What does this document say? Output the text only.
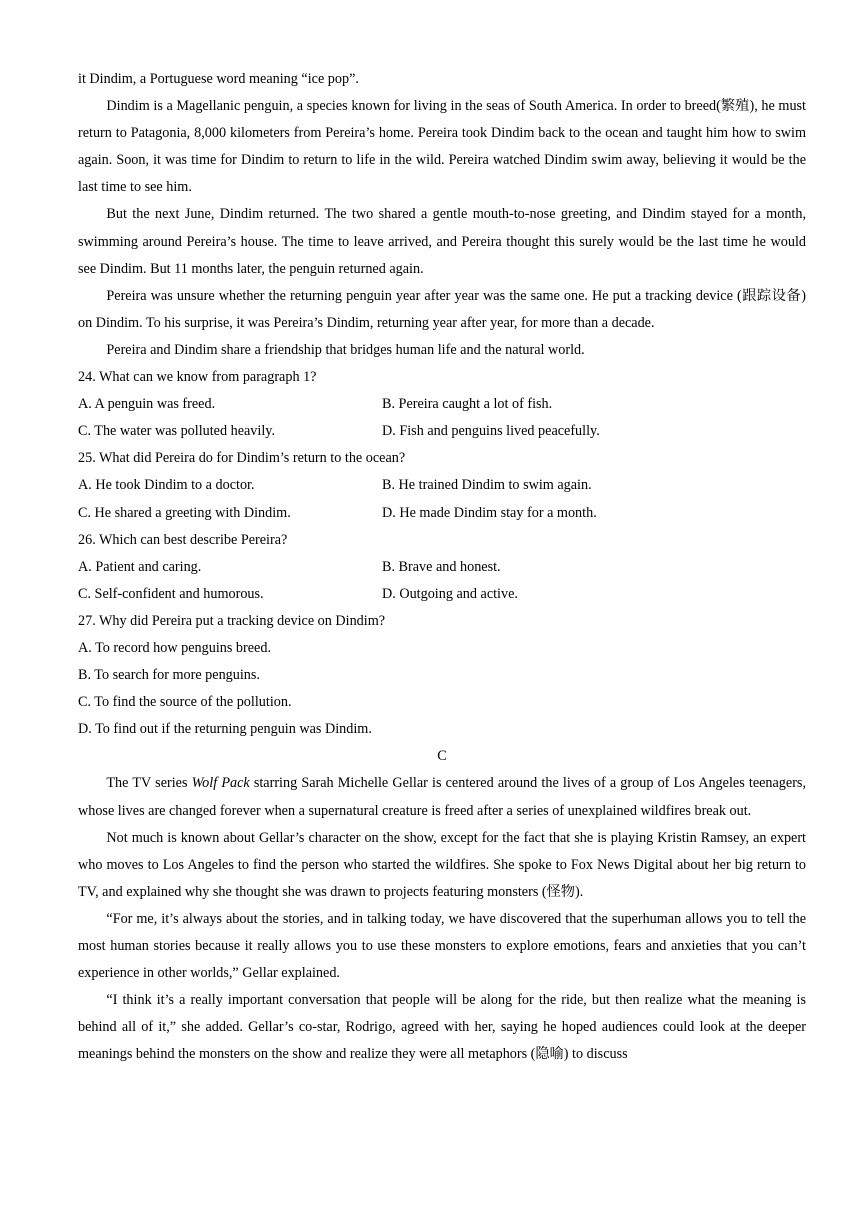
it Dindim, a Portuguese word meaning “ice pop”.

Dindim is a Magellanic penguin, a species known for living in the seas of South America. In order to breed(繁殖), he must return to Patagonia, 8,000 kilometers from Pereira’s home. Pereira took Dindim back to the ocean and taught him how to swim again. Soon, it was time for Dindim to return to life in the wild. Pereira watched Dindim swim away, believing it would be the last time to see him.

But the next June, Dindim returned. The two shared a gentle mouth-to-nose greeting, and Dindim stayed for a month, swimming around Pereira’s house. The time to leave arrived, and Pereira thought this surely would be the last time he would see Dindim. But 11 months later, the penguin returned again.

Pereira was unsure whether the returning penguin year after year was the same one. He put a tracking device (跟踪设备) on Dindim. To his surprise, it was Pereira’s Dindim, returning year after year, for more than a decade.

Pereira and Dindim share a friendship that bridges human life and the natural world.

24. What can we know from paragraph 1?
A. A penguin was freed.	B. Pereira caught a lot of fish.
C. The water was polluted heavily.	D. Fish and penguins lived peacefully.
25. What did Pereira do for Dindim’s return to the ocean?
A. He took Dindim to a doctor.	B. He trained Dindim to swim again.
C. He shared a greeting with Dindim.	D. He made Dindim stay for a month.
26. Which can best describe Pereira?
A. Patient and caring.	B. Brave and honest.
C. Self-confident and humorous.	D. Outgoing and active.
27. Why did Pereira put a tracking device on Dindim?
A. To record how penguins breed.
B. To search for more penguins.
C. To find the source of the pollution.
D. To find out if the returning penguin was Dindim.
C

The TV series Wolf Pack starring Sarah Michelle Gellar is centered around the lives of a group of Los Angeles teenagers, whose lives are changed forever when a supernatural creature is freed after a series of unexplained wildfires break out.

Not much is known about Gellar’s character on the show, except for the fact that she is playing Kristin Ramsey, an expert who moves to Los Angeles to find the person who started the wildfires. She spoke to Fox News Digital about her big return to TV, and explained why she thought she was drawn to projects featuring monsters (怪物).

“For me, it’s always about the stories, and in talking today, we have discovered that the superhuman allows you to tell the most human stories because it really allows you to use these monsters to explore emotions, fears and anxieties that you can’t experience in other worlds,” Gellar explained.

“I think it’s a really important conversation that people will be along for the ride, but then realize what the meaning is behind all of it,” she added. Gellar’s co-star, Rodrigo, agreed with her, saying he hoped audiences could look at the deeper meanings behind the monsters on the show and realize they were all metaphors (隐喻) to discuss
